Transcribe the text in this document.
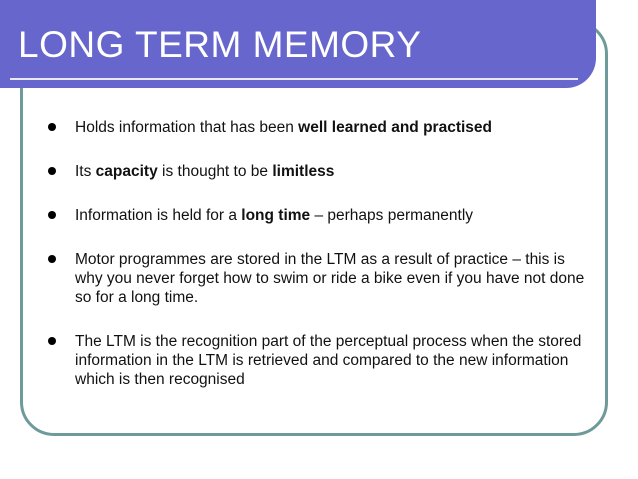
LONG TERM MEMORY
Holds information that has been well learned and practised
Its capacity is thought to be limitless
Information is held for a long time – perhaps permanently
Motor programmes are stored in the LTM as a result of practice – this is why you never forget how to swim or ride a bike even if you have not done so for a long time.
The LTM is the recognition part of the perceptual process when the stored information in the LTM is retrieved and compared to the new information which is then recognised
